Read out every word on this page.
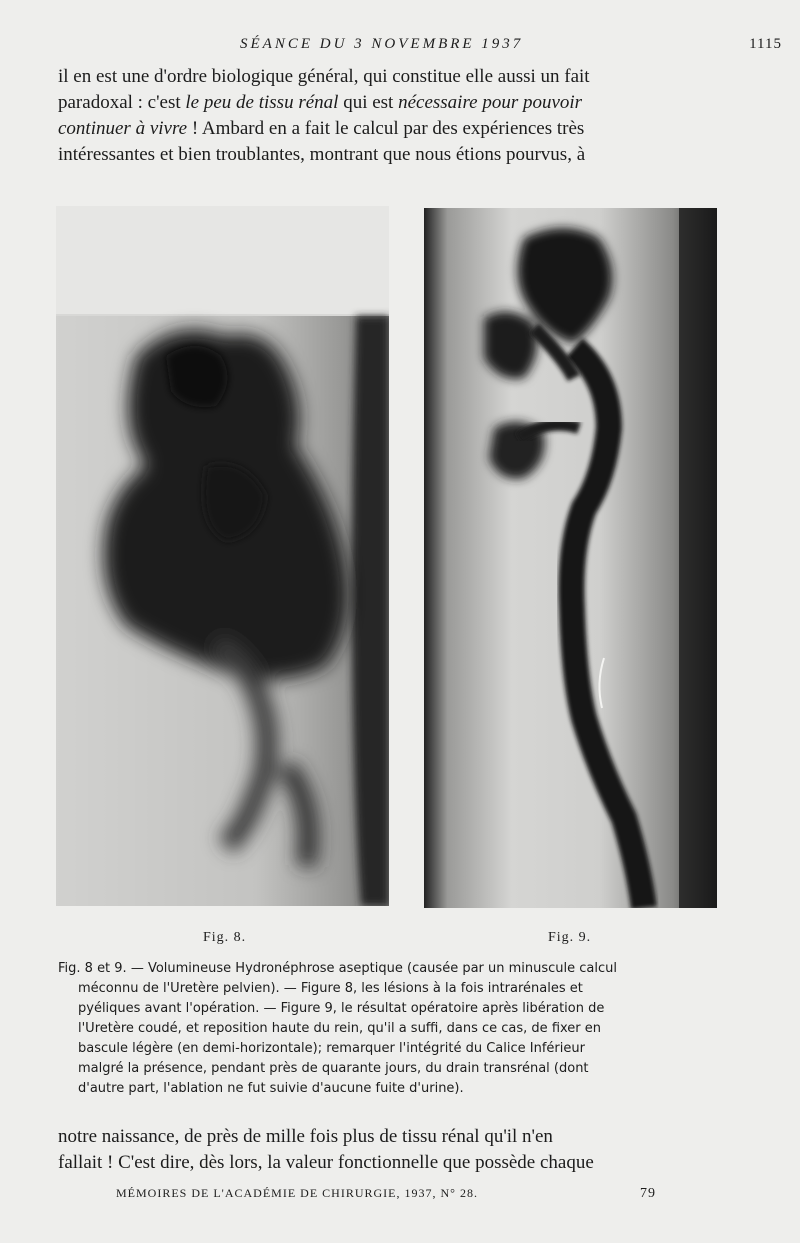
SÉANCE DU 3 NOVEMBRE 1937	1115
il en est une d'ordre biologique général, qui constitue elle aussi un fait
paradoxal : c'est le peu de tissu rénal qui est nécessaire pour pouvoir
continuer à vivre ! Ambard en a fait le calcul par des expériences très
intéressantes et bien troublantes, montrant que nous étions pourvus, à
Fig. 8.	Fig. 9.
Fig. 8 et 9. — Volumineuse Hydronéphrose aseptique (causée par un minuscule calcul
méconnu de l'Uretère pelvien). — Figure 8, les lésions à la fois intrarénales et
pyéliques avant l'opération. — Figure 9, le résultat opératoire après libération de
l'Uretère coudé, et reposition haute du rein, qu'il a suffi, dans ce cas, de fixer en
bascule légère (en demi-horizontale); remarquer l'intégrité du Calice Inférieur
malgré la présence, pendant près de quarante jours, du drain transrénal (dont
d'autre part, l'ablation ne fut suivie d'aucune fuite d'urine).
notre naissance, de près de mille fois plus de tissu rénal qu'il n'en
fallait ! C'est dire, dès lors, la valeur fonctionnelle que possède chaque
MÉMOIRES DE L'ACADÉMIE DE CHIRURGIE, 1937, N° 28.	79
